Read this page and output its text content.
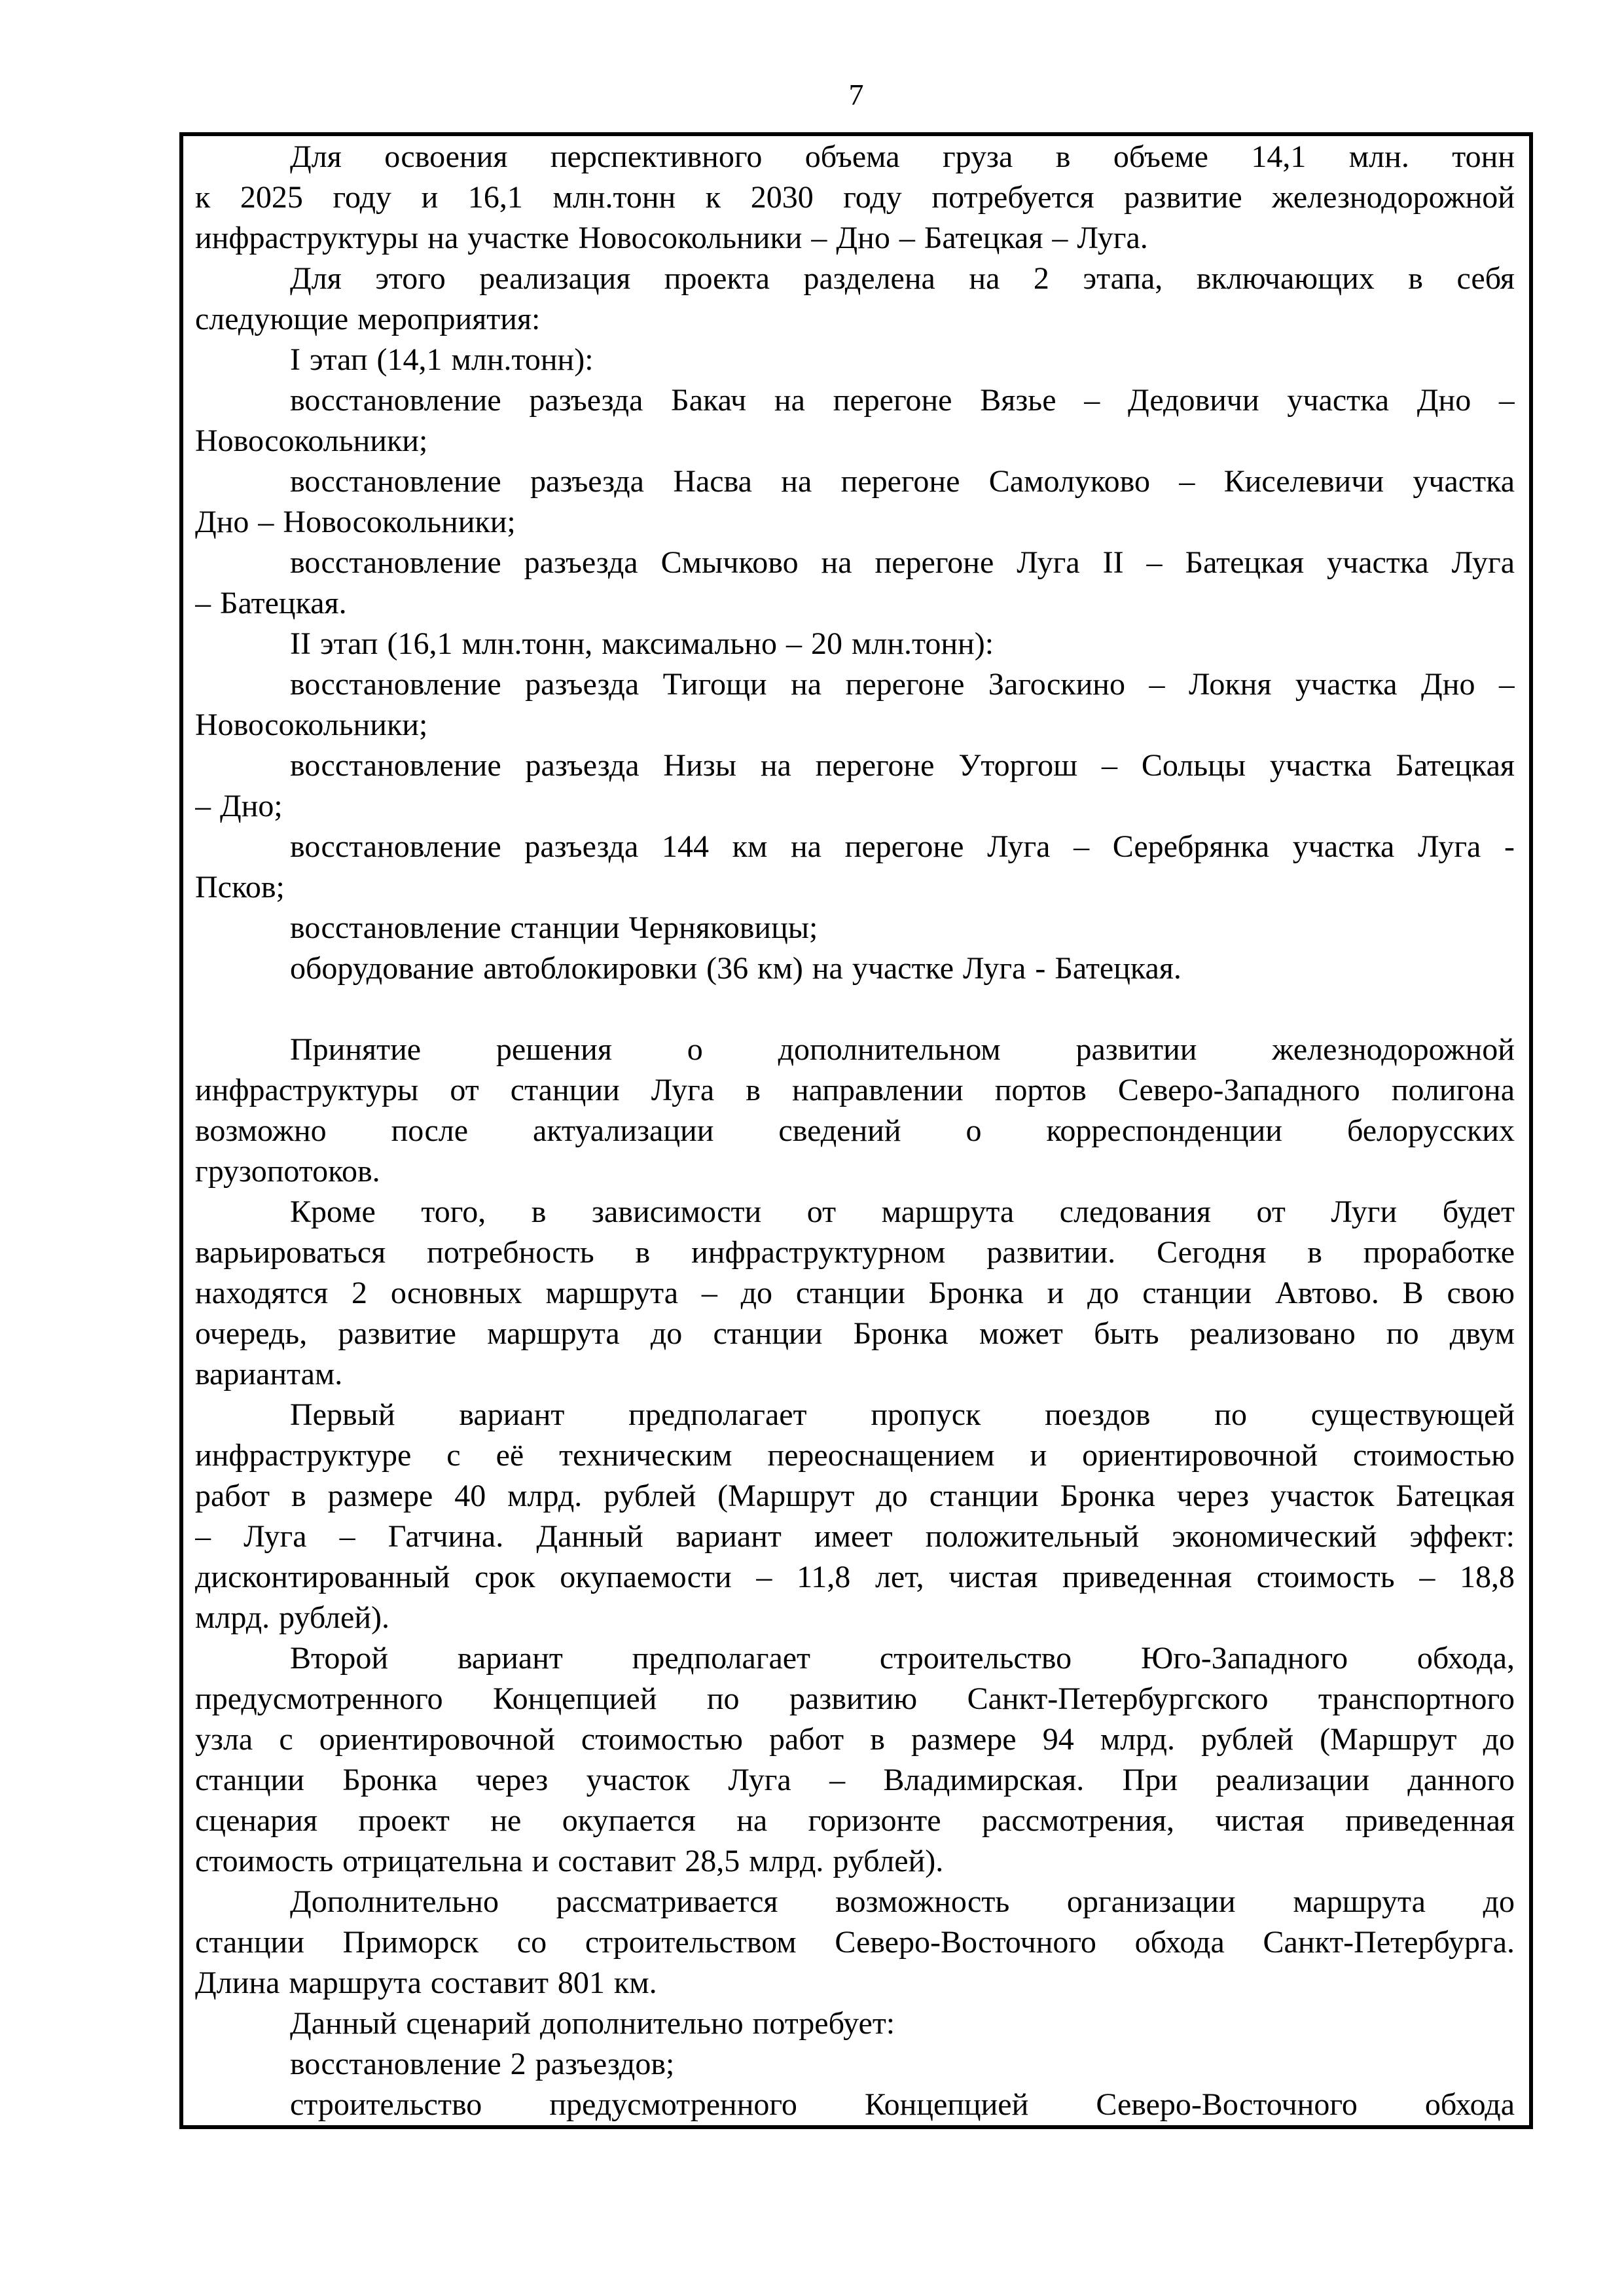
7
Для освоения перспективного объема груза в объеме 14,1 млн. тонн
к 2025 году и 16,1 млн.тонн к 2030 году потребуется развитие железнодорожной
инфраструктуры на участке Новосокольники – Дно – Батецкая – Луга.
Для этого реализация проекта разделена на 2 этапа, включающих в себя
следующие мероприятия:
I этап (14,1 млн.тонн):
восстановление разъезда Бакач на перегоне Вязье – Дедовичи участка Дно –
Новосокольники;
восстановление разъезда Насва на перегоне Самолуково – Киселевичи участка
Дно – Новосокольники;
восстановление разъезда Смычково на перегоне Луга II – Батецкая участка Луга
– Батецкая.
II этап (16,1 млн.тонн, максимально – 20 млн.тонн):
восстановление разъезда Тигощи на перегоне Загоскино – Локня участка Дно –
Новосокольники;
восстановление разъезда Низы на перегоне Уторгош – Сольцы участка Батецкая
– Дно;
восстановление разъезда 144 км на перегоне Луга – Серебрянка участка Луга -
Псков;
восстановление станции Черняковицы;
оборудование автоблокировки (36 км) на участке Луга - Батецкая.
Принятие решения о дополнительном развитии железнодорожной
инфраструктуры от станции Луга в направлении портов Северо-Западного полигона
возможно после актуализации сведений о корреспонденции белорусских
грузопотоков.
Кроме того, в зависимости от маршрута следования от Луги будет
варьироваться потребность в инфраструктурном развитии. Сегодня в проработке
находятся 2 основных маршрута – до станции Бронка и до станции Автово. В свою
очередь, развитие маршрута до станции Бронка может быть реализовано по двум
вариантам.
Первый вариант предполагает пропуск поездов по существующей
инфраструктуре с её техническим переоснащением и ориентировочной стоимостью
работ в размере 40 млрд. рублей (Маршрут до станции Бронка через участок Батецкая
– Луга – Гатчина. Данный вариант имеет положительный экономический эффект:
дисконтированный срок окупаемости – 11,8 лет, чистая приведенная стоимость – 18,8
млрд. рублей).
Второй вариант предполагает строительство Юго-Западного обхода,
предусмотренного Концепцией по развитию Санкт-Петербургского транспортного
узла с ориентировочной стоимостью работ в размере 94 млрд. рублей (Маршрут до
станции Бронка через участок Луга – Владимирская. При реализации данного
сценария проект не окупается на горизонте рассмотрения, чистая приведенная
стоимость отрицательна и составит 28,5 млрд. рублей).
Дополнительно рассматривается возможность организации маршрута до
станции Приморск со строительством Северо-Восточного обхода Санкт-Петербурга.
Длина маршрута составит 801 км.
Данный сценарий дополнительно потребует:
восстановление 2 разъездов;
строительство предусмотренного Концепцией Северо-Восточного обхода
